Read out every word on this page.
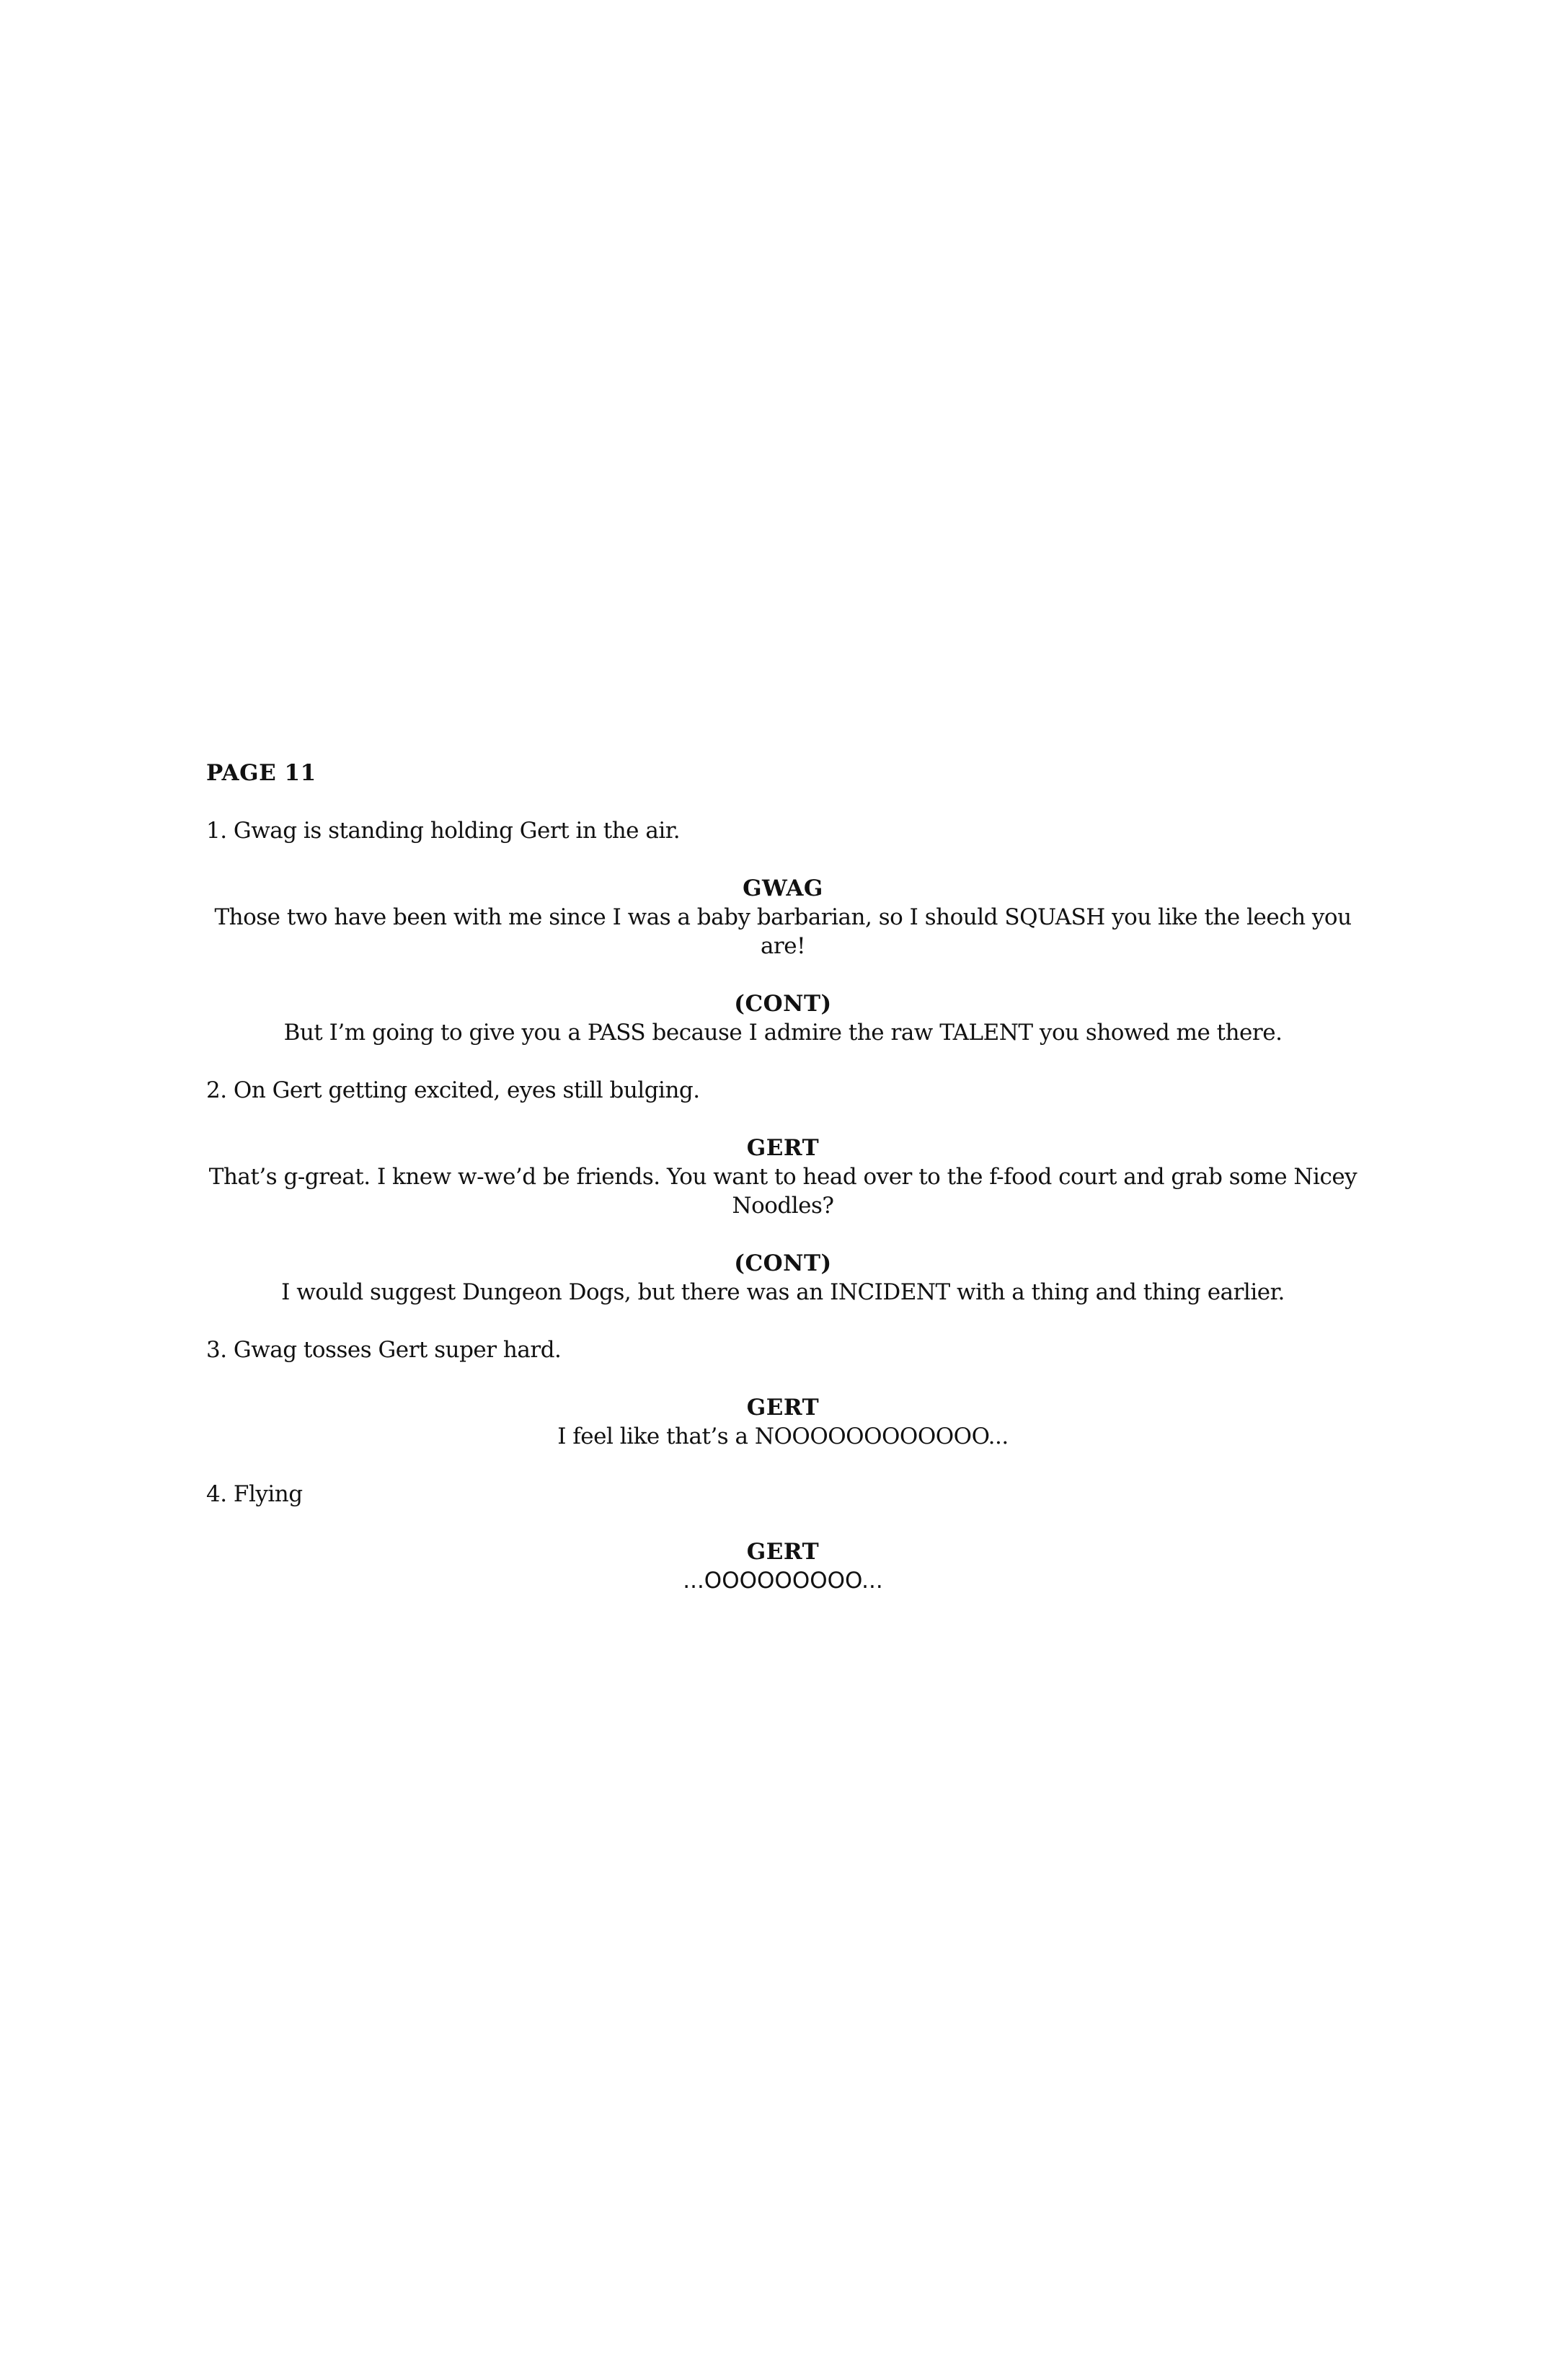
PAGE 11
1. Gwag is standing holding Gert in the air.
GWAG
Those two have been with me since I was a baby barbarian, so I should SQUASH you like the leech you are!
(CONT)
But I’m going to give you a PASS because I admire the raw TALENT you showed me there.
2. On Gert getting excited, eyes still bulging.
GERT
That’s g-great. I knew w-we’d be friends. You want to head over to the f-food court and grab some Nicey Noodles?
(CONT)
I would suggest Dungeon Dogs, but there was an INCIDENT with a thing and thing earlier.
3. Gwag tosses Gert super hard.
GERT
I feel like that’s a NOOOOOOOOOOOO...
4. Flying
GERT
...OOOOOOOOO...
